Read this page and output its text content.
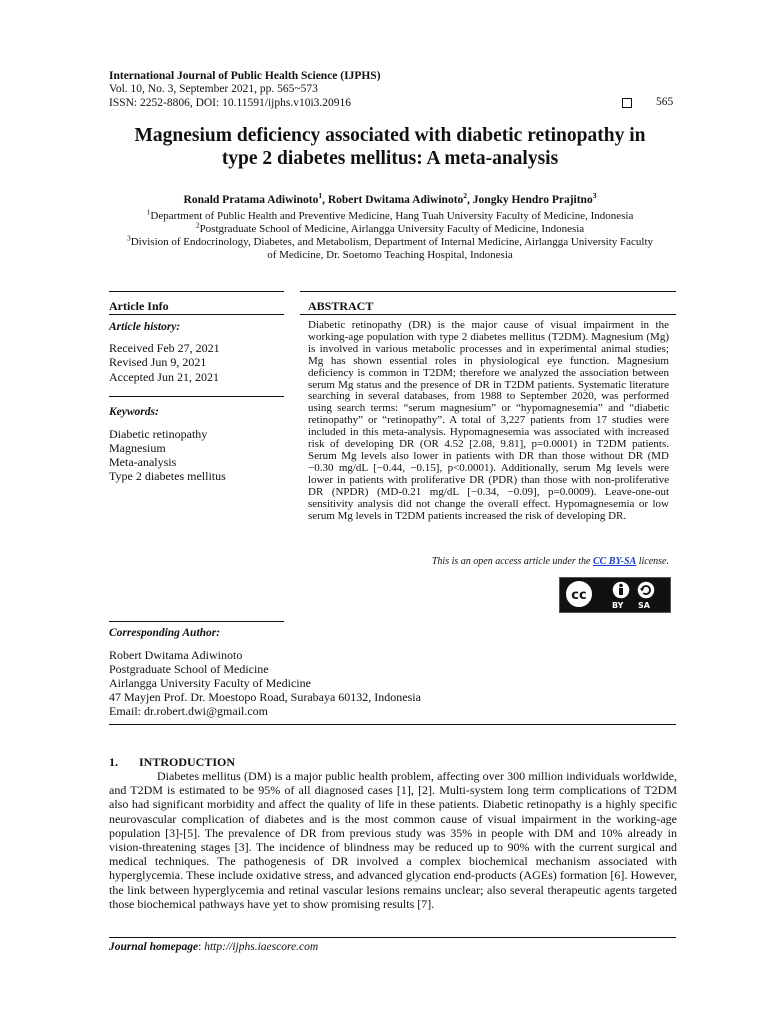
International Journal of Public Health Science (IJPHS)
Vol. 10, No. 3, September 2021, pp. 565~573
ISSN: 2252-8806, DOI: 10.11591/ijphs.v10i3.20916	565
Magnesium deficiency associated with diabetic retinopathy in
type 2 diabetes mellitus: A meta-analysis
Ronald Pratama Adiwinoto$^1$, Robert Dwitama Adiwinoto$^2$, Jongky Hendro Prajitno$^3$
$^1$Department of Public Health and Preventive Medicine, Hang Tuah University Faculty of Medicine, Indonesia
$^2$Postgraduate School of Medicine, Airlangga University Faculty of Medicine, Indonesia
$^3$Division of Endocrinology, Diabetes, and Metabolism, Department of Internal Medicine, Airlangga University Faculty
of Medicine, Dr. Soetomo Teaching Hospital, Indonesia
Article Info
Article history:
Received Feb 27, 2021
Revised Jun 9, 2021
Accepted Jun 21, 2021
Keywords:
Diabetic retinopathy
Magnesium
Meta-analysis
Type 2 diabetes mellitus
ABSTRACT
Diabetic retinopathy (DR) is the major cause of visual impairment in the working-age population with type 2 diabetes mellitus (T2DM). Magnesium (Mg) is involved in various metabolic processes and in experimental animal studies; Mg has shown essential roles in physiological eye function. Magnesium deficiency is common in T2DM; therefore we analyzed the association between serum Mg status and the presence of DR in T2DM patients. Systematic literature searching in several databases, from 1988 to September 2020, was performed using search terms: “serum magnesium” or “hypomagnesemia” and “diabetic retinopathy” or “retinopathy”. A total of 3,227 patients from 17 studies were included in this meta-analysis. Hypomagnesemia was associated with increased risk of developing DR (OR 4.52 [2.08, 9.81], p=0.0001) in T2DM patients. Serum Mg levels also lower in patients with DR than those without DR (MD −0.30 mg/dL [−0.44, −0.15], p<0.0001). Additionally, serum Mg levels were lower in patients with proliferative DR (PDR) than those with non-proliferative DR (NPDR) (MD-0.21 mg/dL [−0.34, −0.09], p=0.0009). Leave-one-out sensitivity analysis did not change the overall effect. Hypomagnesemia or low serum Mg levels in T2DM patients increased the risk of developing DR.
This is an open access article under the CC BY-SA license.
cc
BY SA
Corresponding Author:
Robert Dwitama Adiwinoto
Postgraduate School of Medicine
Airlangga University Faculty of Medicine
47 Mayjen Prof. Dr. Moestopo Road, Surabaya 60132, Indonesia
Email: dr.robert.dwi@gmail.com
1. INTRODUCTION

Diabetes mellitus (DM) is a major public health problem, affecting over 300 million individuals worldwide, and T2DM is estimated to be 95% of all diagnosed cases [1], [2]. Multi-system long term complications of T2DM also had significant morbidity and affect the quality of life in these patients. Diabetic retinopathy is a highly specific neurovascular complication of diabetes and is the most common cause of visual impairment in the working-age population [3]-[5]. The prevalence of DR from previous study was 35% in people with DM and 10% already in vision-threatening stages [3]. The incidence of blindness may be reduced up to 90% with the current surgical and medical techniques. The pathogenesis of DR involved a complex biochemical mechanism associated with hyperglycemia. These include oxidative stress, and advanced glycation end-products (AGEs) formation [6]. However, the link between hyperglycemia and retinal vascular lesions remains unclear; also several therapeutic agents targeted those biochemical pathways have yet to show promising results [7].

Journal homepage: http://ijphs.iaescore.com
